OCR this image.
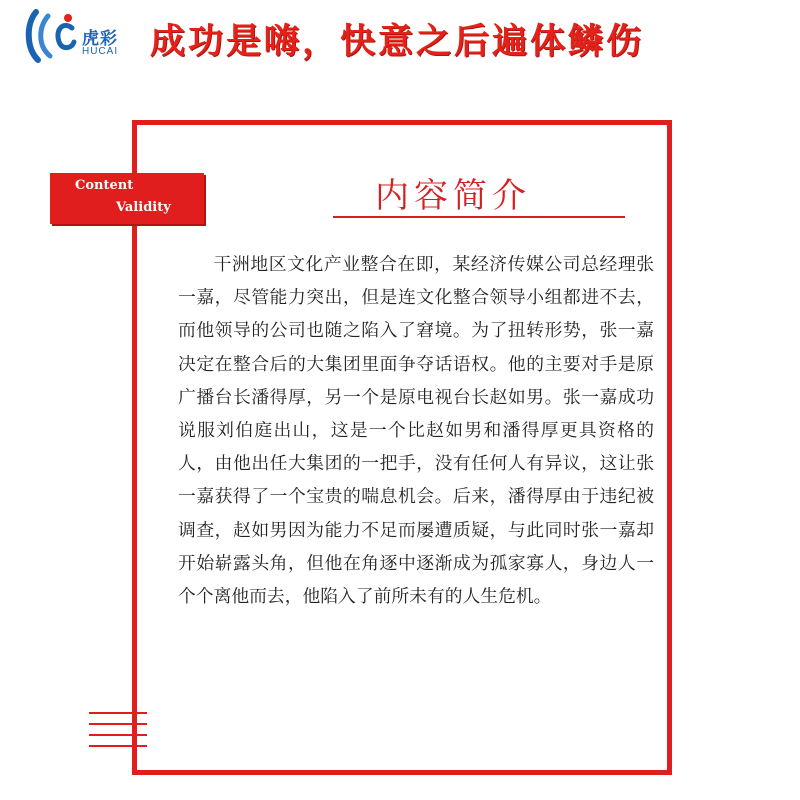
虎彩
HUCAI 成功是嗨，快意之后遍体鳞伤
Content
Validity	内容简介
干洲地区文化产业整合在即，某经济传媒公司总经理张一嘉，尽管能力突出，但是连文化整合领导小组都进不去，而他领导的公司也随之陷入了窘境。为了扭转形势，张一嘉决定在整合后的大集团里面争夺话语权。他的主要对手是原广播台长潘得厚，另一个是原电视台长赵如男。张一嘉成功说服刘伯庭出山，这是一个比赵如男和潘得厚更具资格的人，由他出任大集团的一把手，没有任何人有异议，这让张一嘉获得了一个宝贵的喘息机会。后来，潘得厚由于违纪被调查，赵如男因为能力不足而屡遭质疑，与此同时张一嘉却开始崭露头角，但他在角逐中逐渐成为孤家寡人，身边人一个个离他而去，他陷入了前所未有的人生危机。
